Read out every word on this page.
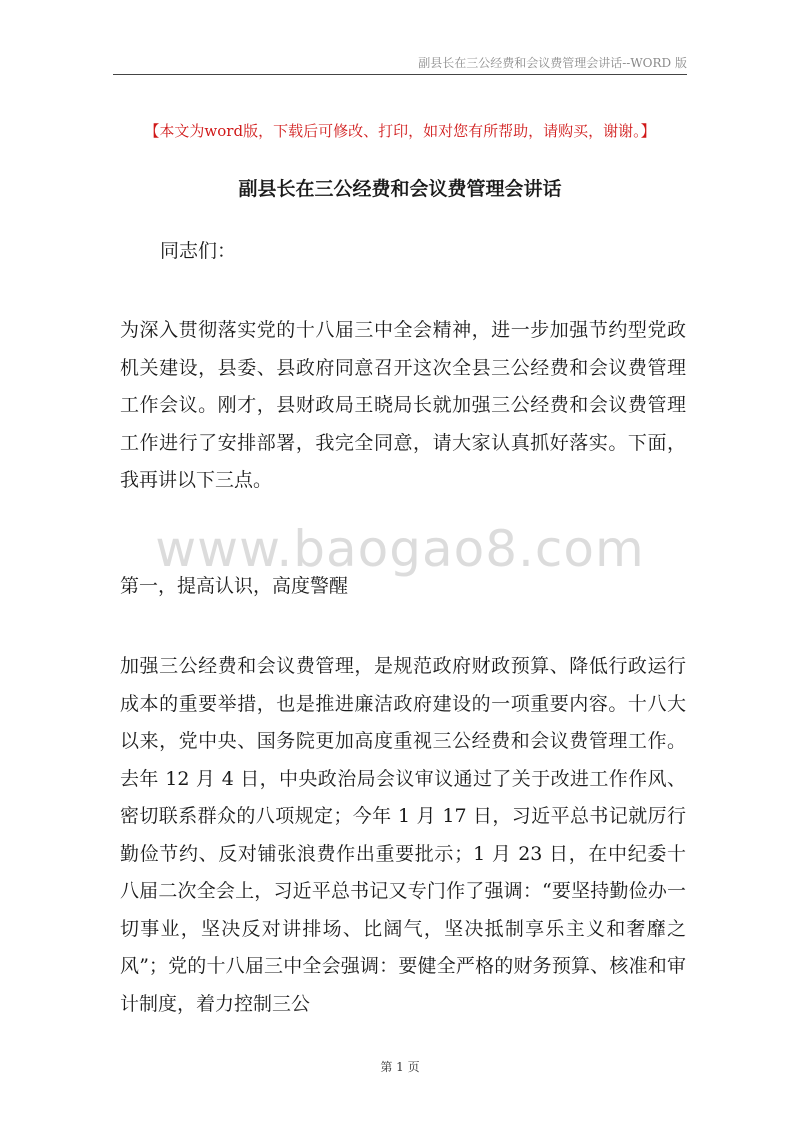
副县长在三公经费和会议费管理会讲话--WORD 版
【本文为word版，下载后可修改、打印，如对您有所帮助，请购买，谢谢。】
副县长在三公经费和会议费管理会讲话
同志们：
为深入贯彻落实党的十八届三中全会精神，进一步加强节约型党政机关建设，县委、县政府同意召开这次全县三公经费和会议费管理工作会议。刚才，县财政局王晓局长就加强三公经费和会议费管理工作进行了安排部署，我完全同意，请大家认真抓好落实。下面，我再讲以下三点。
www.baogao8.com
第一，提高认识，高度警醒
加强三公经费和会议费管理，是规范政府财政预算、降低行政运行成本的重要举措，也是推进廉洁政府建设的一项重要内容。十八大以来，党中央、国务院更加高度重视三公经费和会议费管理工作。去年 12 月 4 日，中央政治局会议审议通过了关于改进工作作风、密切联系群众的八项规定；今年 1 月 17 日，习近平总书记就厉行勤俭节约、反对铺张浪费作出重要批示；1 月 23 日，在中纪委十八届二次全会上，习近平总书记又专门作了强调：“要坚持勤俭办一切事业，坚决反对讲排场、比阔气，坚决抵制享乐主义和奢靡之风”；党的十八届三中全会强调：要健全严格的财务预算、核准和审计制度，着力控制三公
第 1 页
